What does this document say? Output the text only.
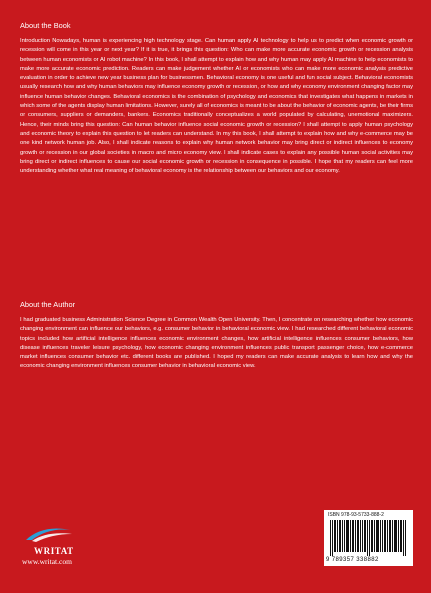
About the Book

Introduction Nowadays, human is experiencing high technology stage. Can human apply AI technology to help us to predict when economic growth or recession will come in this year or next year? If it is true, it brings this question: Who can make more accurate economic growth or recession analysis between human economists or AI robot machine? In this book, I shall attempt to explain how and why human may apply AI machine to help economists to make more accurate economic prediction. Readers can make judgement whether AI or economists who can make more economic analysis predictive evaluation in order to achieve new year business plan for businessmen. Behavioral economy is one useful and fun social subject. Behavioral economists usually research how and why human behaviors may influence economy growth or recession, or how and why economy environment changing factor may influence human behavior changes. Behavioral economics is the combination of psychology and economics that investigates what happens in markets in which some of the agents display human limitations. However, surely all of economics is meant to be about the behavior of economic agents, be their firms or consumers, suppliers or demanders, bankers. Economics traditionally conceptualizes a world populated by calculating, unemotional maximizers. Hence, their minds bring this question: Can human behavior influence social economic growth or recession? I shall attempt to apply human psychology and economic theory to explain this question to let readers can understand. In my this book, I shall attempt to explain how and why e-commerce may be one kind network human job. Also, I shall indicate reasons to explain why human network behavior may bring direct or indirect influences to economy growth or recession in our global societies in macro and micro economy view. I shall indicate cases to explain any possible human social activities may bring direct or indirect influences to cause our social economic growth or recession in consequence in possible. I hope that my readers can feel more understanding whether what real meaning of behavioral economy is the relationship between our behaviors and our economy.

About the Author

I had graduated business Administration Science Degree in Common Wealth Open University. Then, I concentrate on researching whether how economic changing environment can influence our behaviors, e.g. consumer behavior in behavioral economic view. I had researched different behavioral economic topics included how artificial intelligence influences economic environment changes, how artificial intelligence influences consumer behaviors, how disease influences traveler leisure psychology, how economic changing environment influences public transport passenger choice, how e-commerce market influences consumer behavior etc. different books are published. I hoped my readers can make accurate analysis to learn how and why the economic changing environment influences consumer behavior in behavioral economic view.

WRITAT
www.writat.com
ISBN 978-93-5733-888-2
9 789357 338882
